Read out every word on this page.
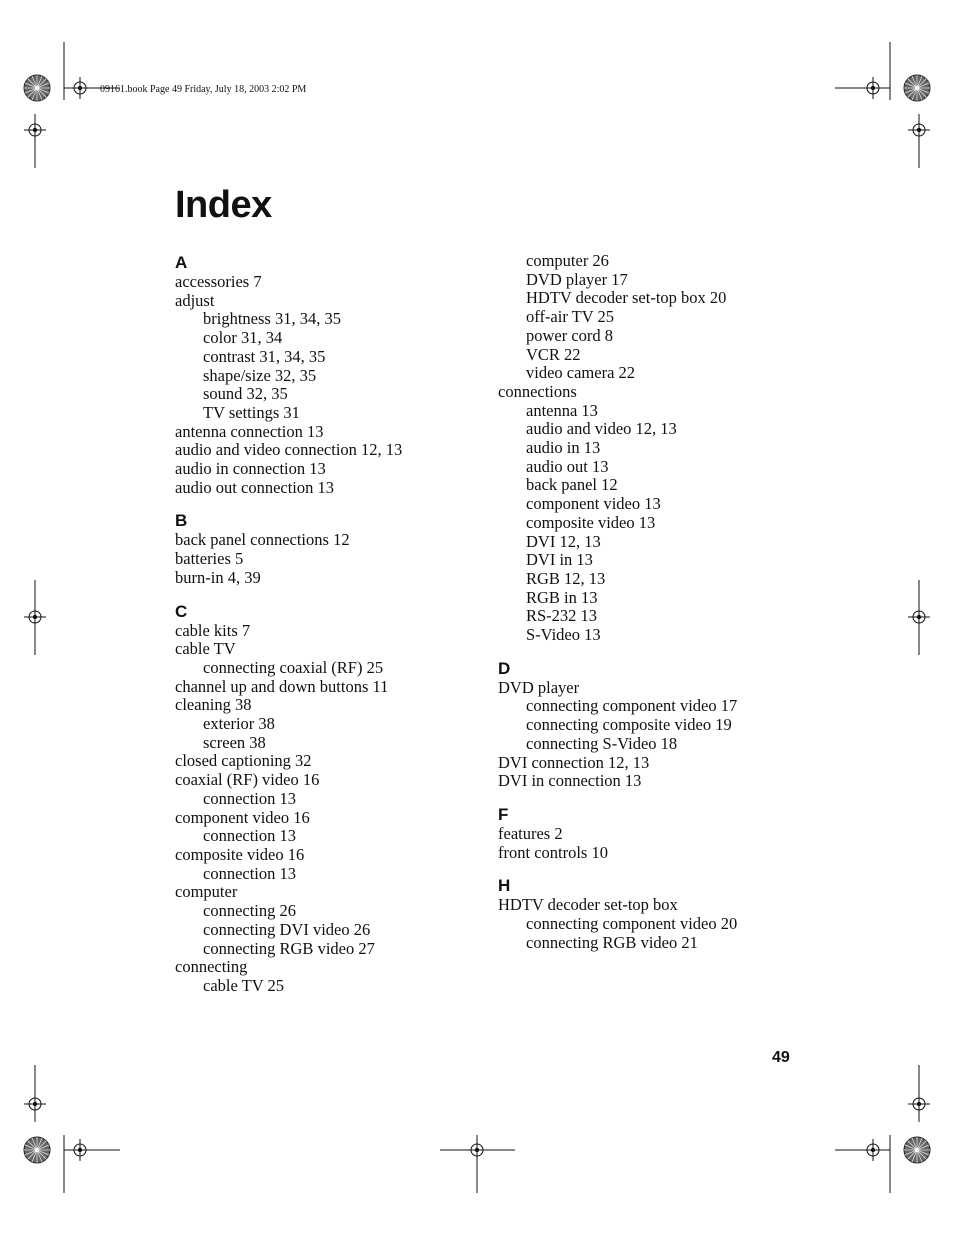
09161.book Page 49 Friday, July 18, 2003 2:02 PM
Index
A
accessories 7
adjust
brightness 31, 34, 35
color 31, 34
contrast 31, 34, 35
shape/size 32, 35
sound 32, 35
TV settings 31
antenna connection 13
audio and video connection 12, 13
audio in connection 13
audio out connection 13
B
back panel connections 12
batteries 5
burn-in 4, 39
C
cable kits 7
cable TV
connecting coaxial (RF) 25
channel up and down buttons 11
cleaning 38
exterior 38
screen 38
closed captioning 32
coaxial (RF) video 16
connection 13
component video 16
connection 13
composite video 16
connection 13
computer
connecting 26
connecting DVI video 26
connecting RGB video 27
connecting
cable TV 25
computer 26
DVD player 17
HDTV decoder set-top box 20
off-air TV 25
power cord 8
VCR 22
video camera 22
connections
antenna 13
audio and video 12, 13
audio in 13
audio out 13
back panel 12
component video 13
composite video 13
DVI 12, 13
DVI in 13
RGB 12, 13
RGB in 13
RS-232 13
S-Video 13
D
DVD player
connecting component video 17
connecting composite video 19
connecting S-Video 18
DVI connection 12, 13
DVI in connection 13
F
features 2
front controls 10
H
HDTV decoder set-top box
connecting component video 20
connecting RGB video 21
49
